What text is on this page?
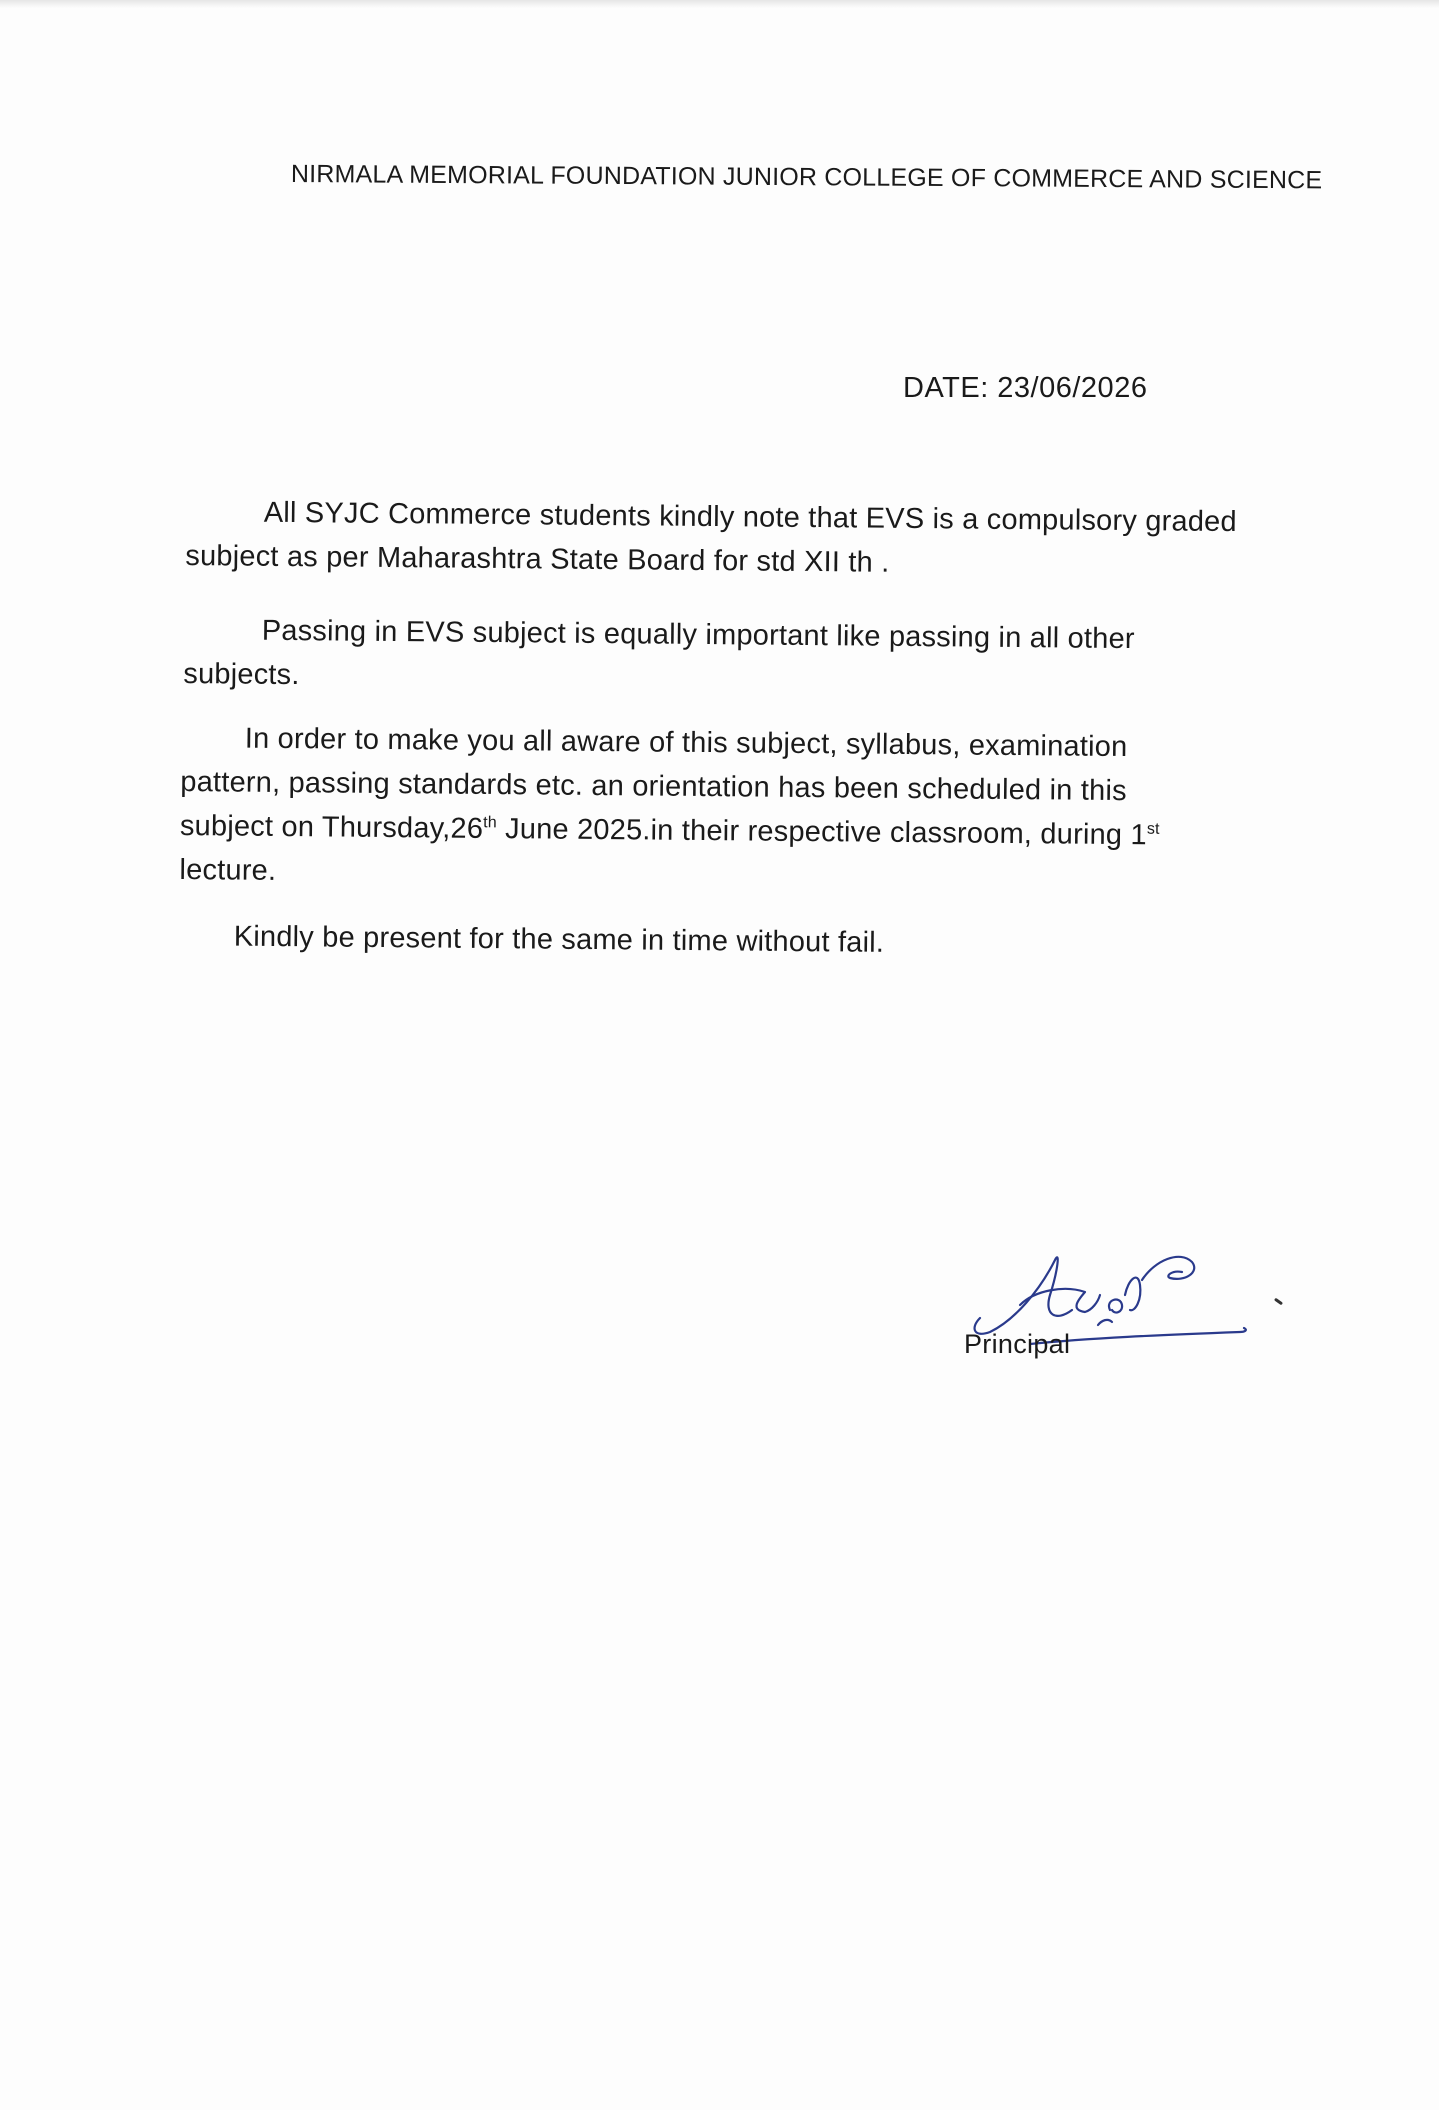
NIRMALA MEMORIAL FOUNDATION JUNIOR COLLEGE OF COMMERCE AND SCIENCE
DATE: 23/06/2026
All SYJC Commerce students kindly note that EVS is a compulsory graded
subject as per Maharashtra State Board for std XII th .
Passing in EVS subject is equally important like passing in all other
subjects.
In order to make you all aware of this subject, syllabus, examination
pattern, passing standards etc. an orientation has been scheduled in this
subject on Thursday,26th June 2025.in their respective classroom, during 1st
lecture.
Kindly be present for the same in time without fail.
Principal
